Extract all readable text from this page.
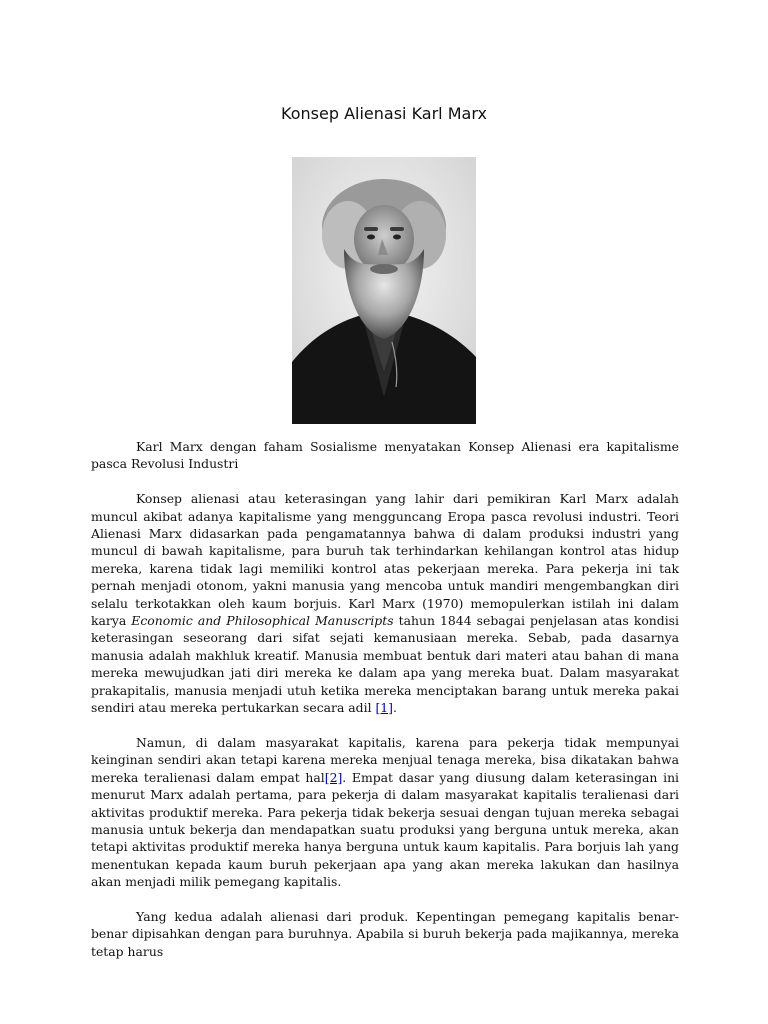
Konsep Alienasi Karl Marx

Karl Marx dengan faham Sosialisme menyatakan Konsep Alienasi era kapitalisme pasca Revolusi Industri

Konsep alienasi atau keterasingan yang lahir dari pemikiran Karl Marx adalah muncul akibat adanya kapitalisme yang mengguncang Eropa pasca revolusi industri. Teori Alienasi Marx didasarkan pada pengamatannya bahwa di dalam produksi industri yang muncul di bawah kapitalisme, para buruh tak terhindarkan kehilangan kontrol atas hidup mereka, karena tidak lagi memiliki kontrol atas pekerjaan mereka. Para pekerja ini tak pernah menjadi otonom, yakni manusia yang mencoba untuk mandiri mengembangkan diri selalu terkotakkan oleh kaum borjuis. Karl Marx (1970) memopulerkan istilah ini dalam karya Economic and Philosophical Manuscripts tahun 1844 sebagai penjelasan atas kondisi keterasingan seseorang dari sifat sejati kemanusiaan mereka. Sebab, pada dasarnya manusia adalah makhluk kreatif. Manusia membuat bentuk dari materi atau bahan di mana mereka mewujudkan jati diri mereka ke dalam apa yang mereka buat. Dalam masyarakat prakapitalis, manusia menjadi utuh ketika mereka menciptakan barang untuk mereka pakai sendiri atau mereka pertukarkan secara adil [1].

Namun, di dalam masyarakat kapitalis, karena para pekerja tidak mempunyai keinginan sendiri akan tetapi karena mereka menjual tenaga mereka, bisa dikatakan bahwa mereka teralienasi dalam empat hal[2]. Empat dasar yang diusung dalam keterasingan ini menurut Marx adalah pertama, para pekerja di dalam masyarakat kapitalis teralienasi dari aktivitas produktif mereka. Para pekerja tidak bekerja sesuai dengan tujuan mereka sebagai manusia untuk bekerja dan mendapatkan suatu produksi yang berguna untuk mereka, akan tetapi aktivitas produktif mereka hanya berguna untuk kaum kapitalis. Para borjuis lah yang menentukan kepada kaum buruh pekerjaan apa yang akan mereka lakukan dan hasilnya akan menjadi milik pemegang kapitalis.

Yang kedua adalah alienasi dari produk. Kepentingan pemegang kapitalis benar-benar dipisahkan dengan para buruhnya. Apabila si buruh bekerja pada majikannya, mereka tetap harus
